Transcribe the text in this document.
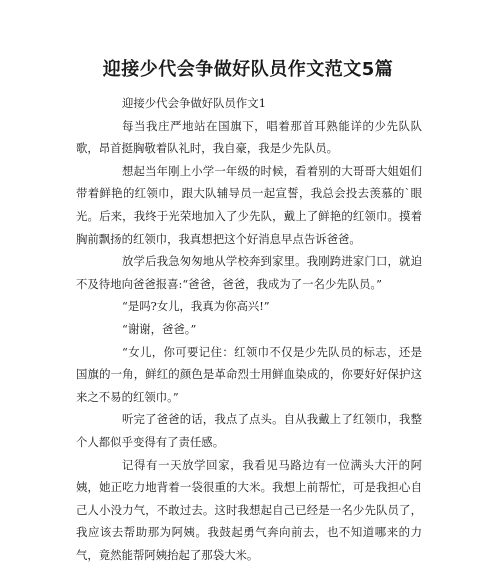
迎接少代会争做好队员作文范文5篇

迎接少代会争做好队员作文1

每当我庄严地站在国旗下，唱着那首耳熟能详的少先队队歌，昂首挺胸敬着队礼时，我自豪，我是少先队员。

想起当年刚上小学一年级的时候，看着别的大哥哥大姐姐们带着鲜艳的红领巾，跟大队辅导员一起宣誓，我总会投去羡慕的`眼光。后来，我终于光荣地加入了少先队，戴上了鲜艳的红领巾。摸着胸前飘扬的红领巾，我真想把这个好消息早点告诉爸爸。

放学后我急匆匆地从学校奔到家里。我刚跨进家门口，就迫不及待地向爸爸报喜:“爸爸，爸爸，我成为了一名少先队员。”

“是吗?女儿，我真为你高兴!”

“谢谢，爸爸。”

“女儿，你可要记住：红领巾不仅是少先队员的标志，还是国旗的一角，鲜红的颜色是革命烈士用鲜血染成的，你要好好保护这来之不易的红领巾。”

听完了爸爸的话，我点了点头。自从我戴上了红领巾，我整个人都似乎变得有了责任感。

记得有一天放学回家，我看见马路边有一位满头大汗的阿姨，她正吃力地背着一袋很重的大米。我想上前帮忙，可是我担心自己人小没力气，不敢过去。这时我想起自己已经是一名少先队员了，我应该去帮助那为阿姨。我鼓起勇气奔向前去，也不知道哪来的力气，竟然能帮阿姨抬起了那袋大米。
